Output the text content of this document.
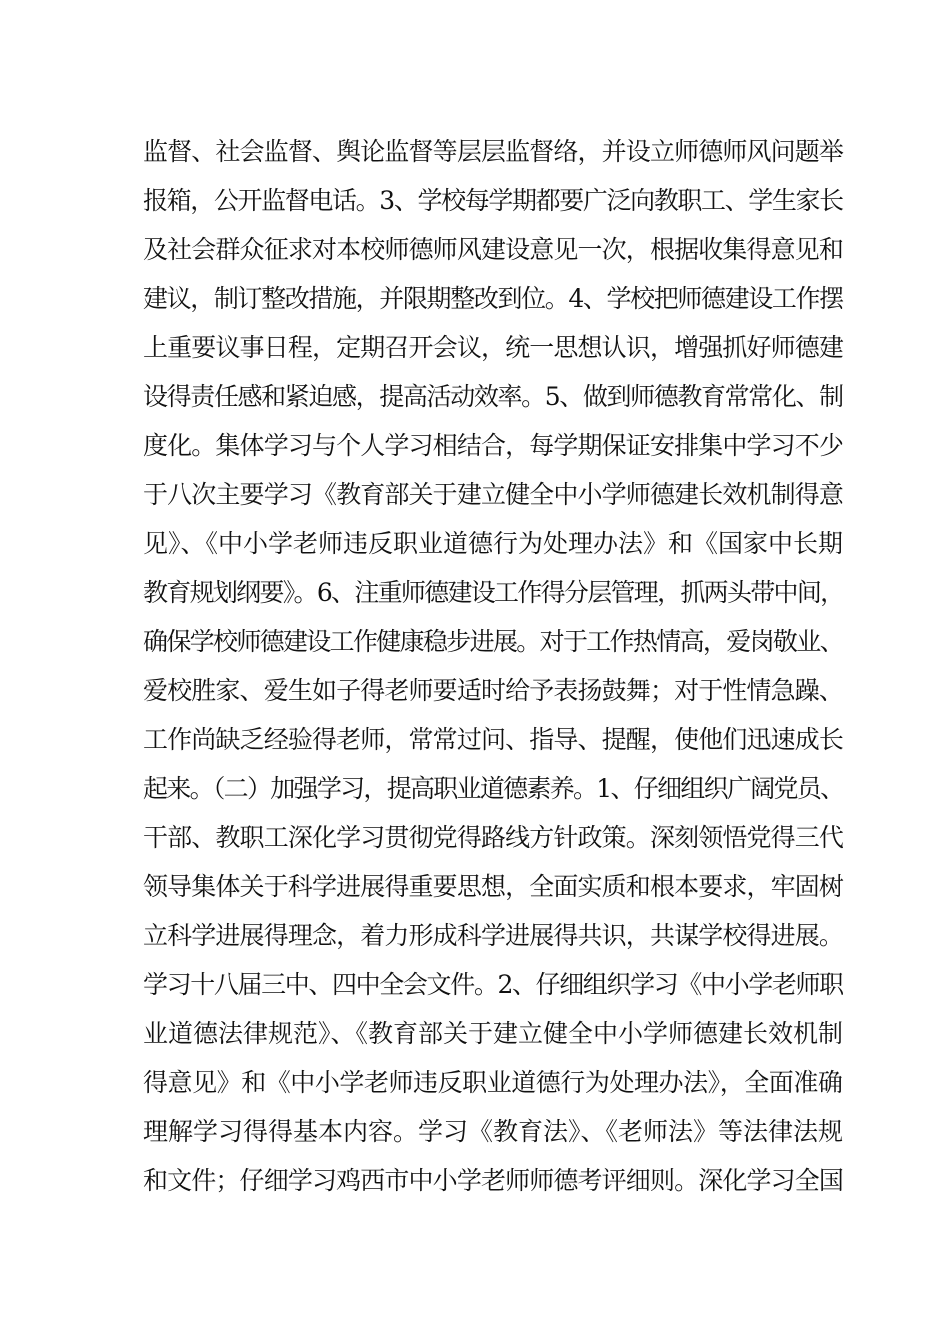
监督、社会监督、舆论监督等层层监督络，并设立师德师风问题举
报箱，公开监督电话。3、学校每学期都要广泛向教职工、学生家长
及社会群众征求对本校师德师风建设意见一次，根据收集得意见和
建议，制订整改措施，并限期整改到位。4、学校把师德建设工作摆
上重要议事日程，定期召开会议，统一思想认识，增强抓好师德建
设得责任感和紧迫感，提高活动效率。5、做到师德教育常常化、制
度化。集体学习与个人学习相结合，每学期保证安排集中学习不少
于八次主要学习《教育部关于建立健全中小学师德建长效机制得意
见》、《中小学老师违反职业道德行为处理办法》和《国家中长期
教育规划纲要》。6、注重师德建设工作得分层管理，抓两头带中间，
确保学校师德建设工作健康稳步进展。对于工作热情高，爱岗敬业、
爱校胜家、爱生如子得老师要适时给予表扬鼓舞；对于性情急躁、
工作尚缺乏经验得老师，常常过问、指导、提醒，使他们迅速成长
起来。（二）加强学习，提高职业道德素养。1、仔细组织广阔党员、
干部、教职工深化学习贯彻党得路线方针政策。深刻领悟党得三代
领导集体关于科学进展得重要思想，全面实质和根本要求，牢固树
立科学进展得理念，着力形成科学进展得共识，共谋学校得进展。
学习十八届三中、四中全会文件。2、仔细组织学习《中小学老师职
业道德法律规范》、《教育部关于建立健全中小学师德建长效机制
得意见》和《中小学老师违反职业道德行为处理办法》，全面准确
理解学习得得基本内容。学习《教育法》、《老师法》等法律法规
和文件；仔细学习鸡西市中小学老师师德考评细则。深化学习全国
